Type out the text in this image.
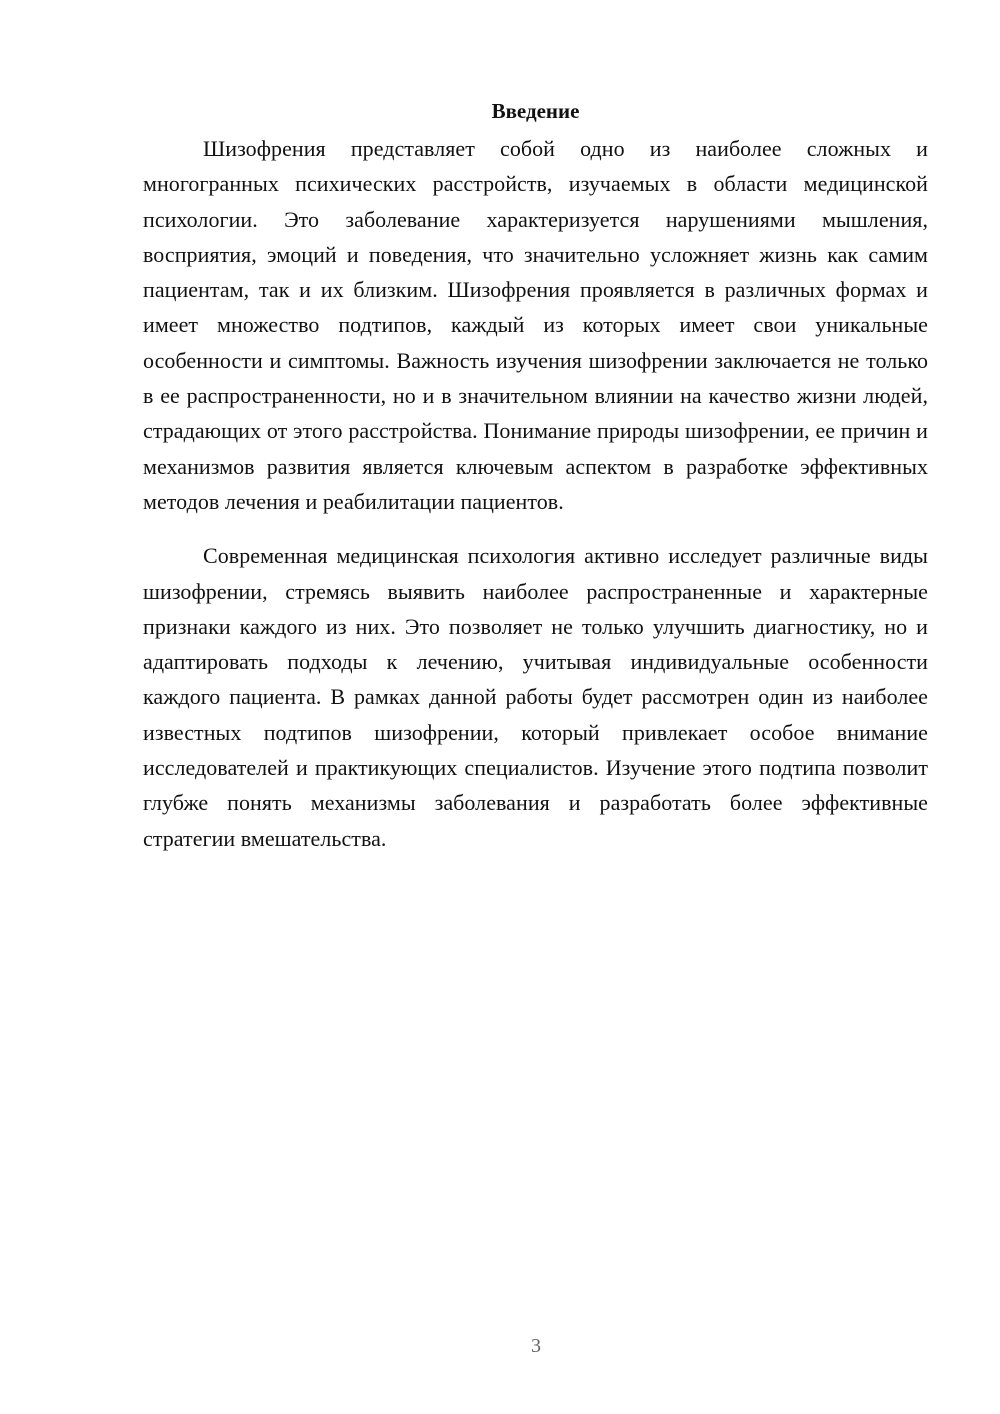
Введение

Шизофрения представляет собой одно из наиболее сложных и многогранных психических расстройств, изучаемых в области медицинской психологии. Это заболевание характеризуется нарушениями мышления, восприятия, эмоций и поведения, что значительно усложняет жизнь как самим пациентам, так и их близким. Шизофрения проявляется в различных формах и имеет множество подтипов, каждый из которых имеет свои уникальные особенности и симптомы. Важность изучения шизофрении заключается не только в ее распространенности, но и в значительном влиянии на качество жизни людей, страдающих от этого расстройства. Понимание природы шизофрении, ее причин и механизмов развития является ключевым аспектом в разработке эффективных методов лечения и реабилитации пациентов.

Современная медицинская психология активно исследует различные виды шизофрении, стремясь выявить наиболее распространенные и характерные признаки каждого из них. Это позволяет не только улучшить диагностику, но и адаптировать подходы к лечению, учитывая индивидуальные особенности каждого пациента. В рамках данной работы будет рассмотрен один из наиболее известных подтипов шизофрении, который привлекает особое внимание исследователей и практикующих специалистов. Изучение этого подтипа позволит глубже понять механизмы заболевания и разработать более эффективные стратегии вмешательства.

3
